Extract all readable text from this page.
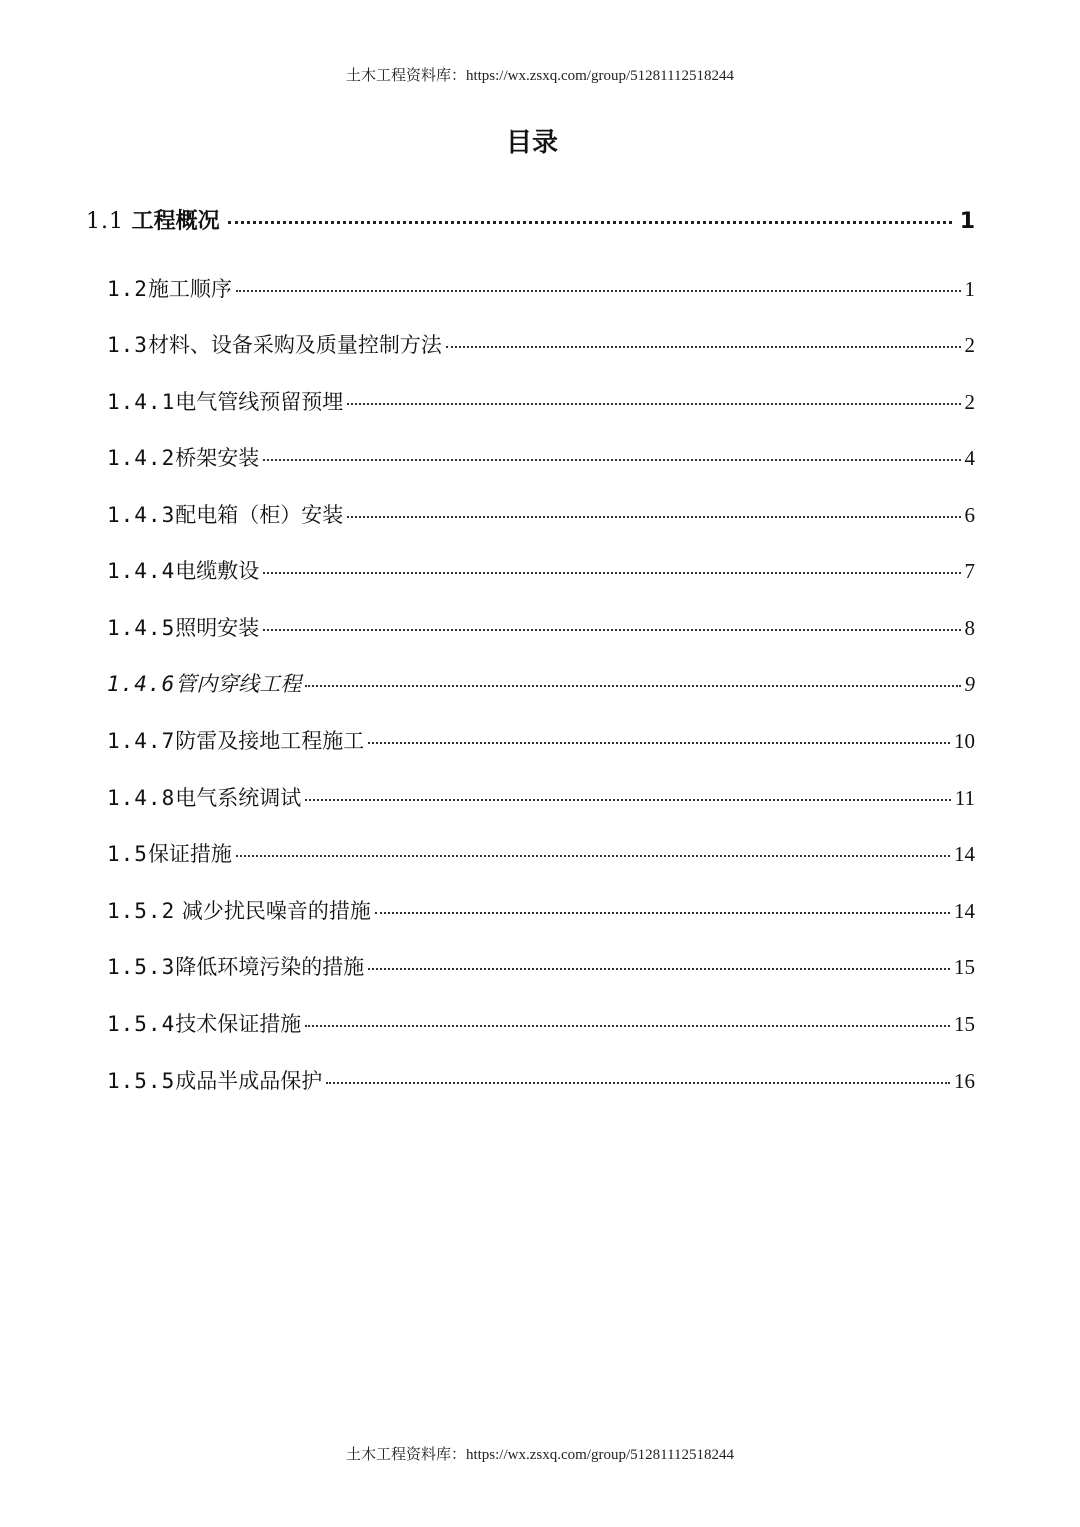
土木工程资料库：https://wx.zsxq.com/group/51281112518244
目录
1.1 工程概况	1
1.2施工顺序	1
1.3材料、设备采购及质量控制方法	2
1.4.1电气管线预留预埋	2
1.4.2桥架安装	4
1.4.3配电箱（柜）安装	6
1.4.4电缆敷设	7
1.4.5照明安装	8
1.4.6管内穿线工程	9
1.4.7防雷及接地工程施工	10
1.4.8电气系统调试	11
1.5保证措施	14
1.5.2 减少扰民噪音的措施	14
1.5.3降低环境污染的措施	15
1.5.4技术保证措施	15
1.5.5成品半成品保护	16
土木工程资料库：https://wx.zsxq.com/group/51281112518244
